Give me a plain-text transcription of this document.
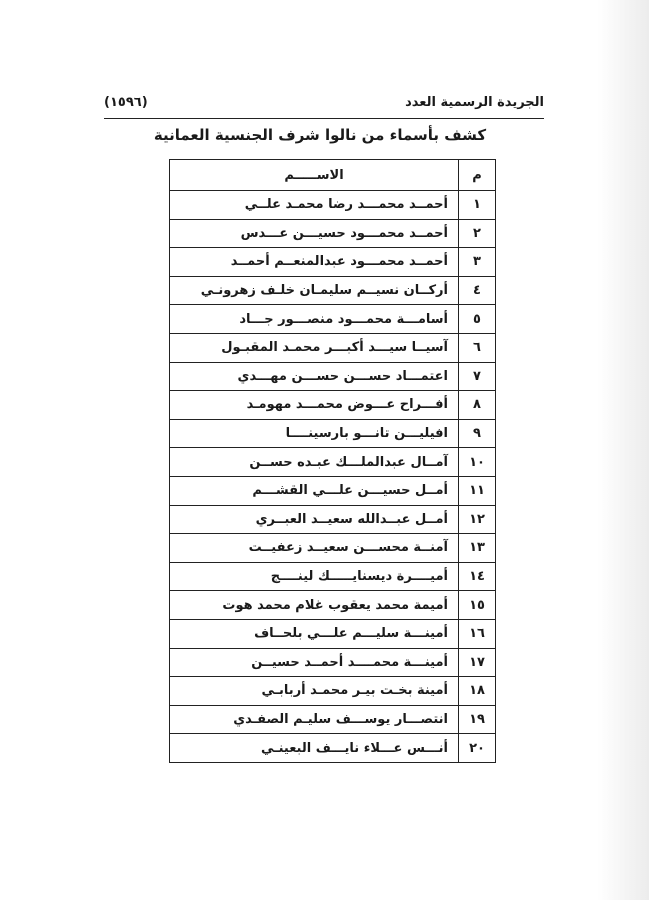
الجريدة الرسمية العدد
(١٥٩٦)
كشف بأسماء من نالوا شرف الجنسية العمانية
م	الاســـــم
١	أحمــد محمـــد رضا محمـد علــي
٢	أحمــد محمـــود حسيـــن عـــدس
٣	أحمــد محمـــود عبدالمنعــم أحمــد
٤	أركــان نسيــم سليمـان خلـف زهرونـي
٥	أسامـــة محمـــود منصـــور جـــاد
٦	آسيــا سيـــد أكبـــر محمـد المقبـول
٧	اعتمـــاد حســـن حســـن مهـــدي
٨	أفـــراح عـــوض محمـــد مهومـد
٩	افيليـــن تانـــو بارسينــــا
١٠	آمــال عبدالملـــك عبـده حســن
١١	أمــل حسيـــن علـــي القشـــم
١٢	أمــل عبــدالله سعيــد العبــري
١٣	آمنــة محســـن سعيــد زعفيــت
١٤	أميــــرة ديسنايـــــك لينــــج
١٥	أميمة محمد يعقوب غلام محمد هوت
١٦	أمينـــة سليـــم علـــي بلحــاف
١٧	أمينـــة محمــــد أحمــد حسيــن
١٨	أمينة بخـت بيـر محمـد أربابـي
١٩	انتصـــار يوســـف سليـم الصفـدي
٢٠	أنـــس عـــلاء نايـــف البعينـي
